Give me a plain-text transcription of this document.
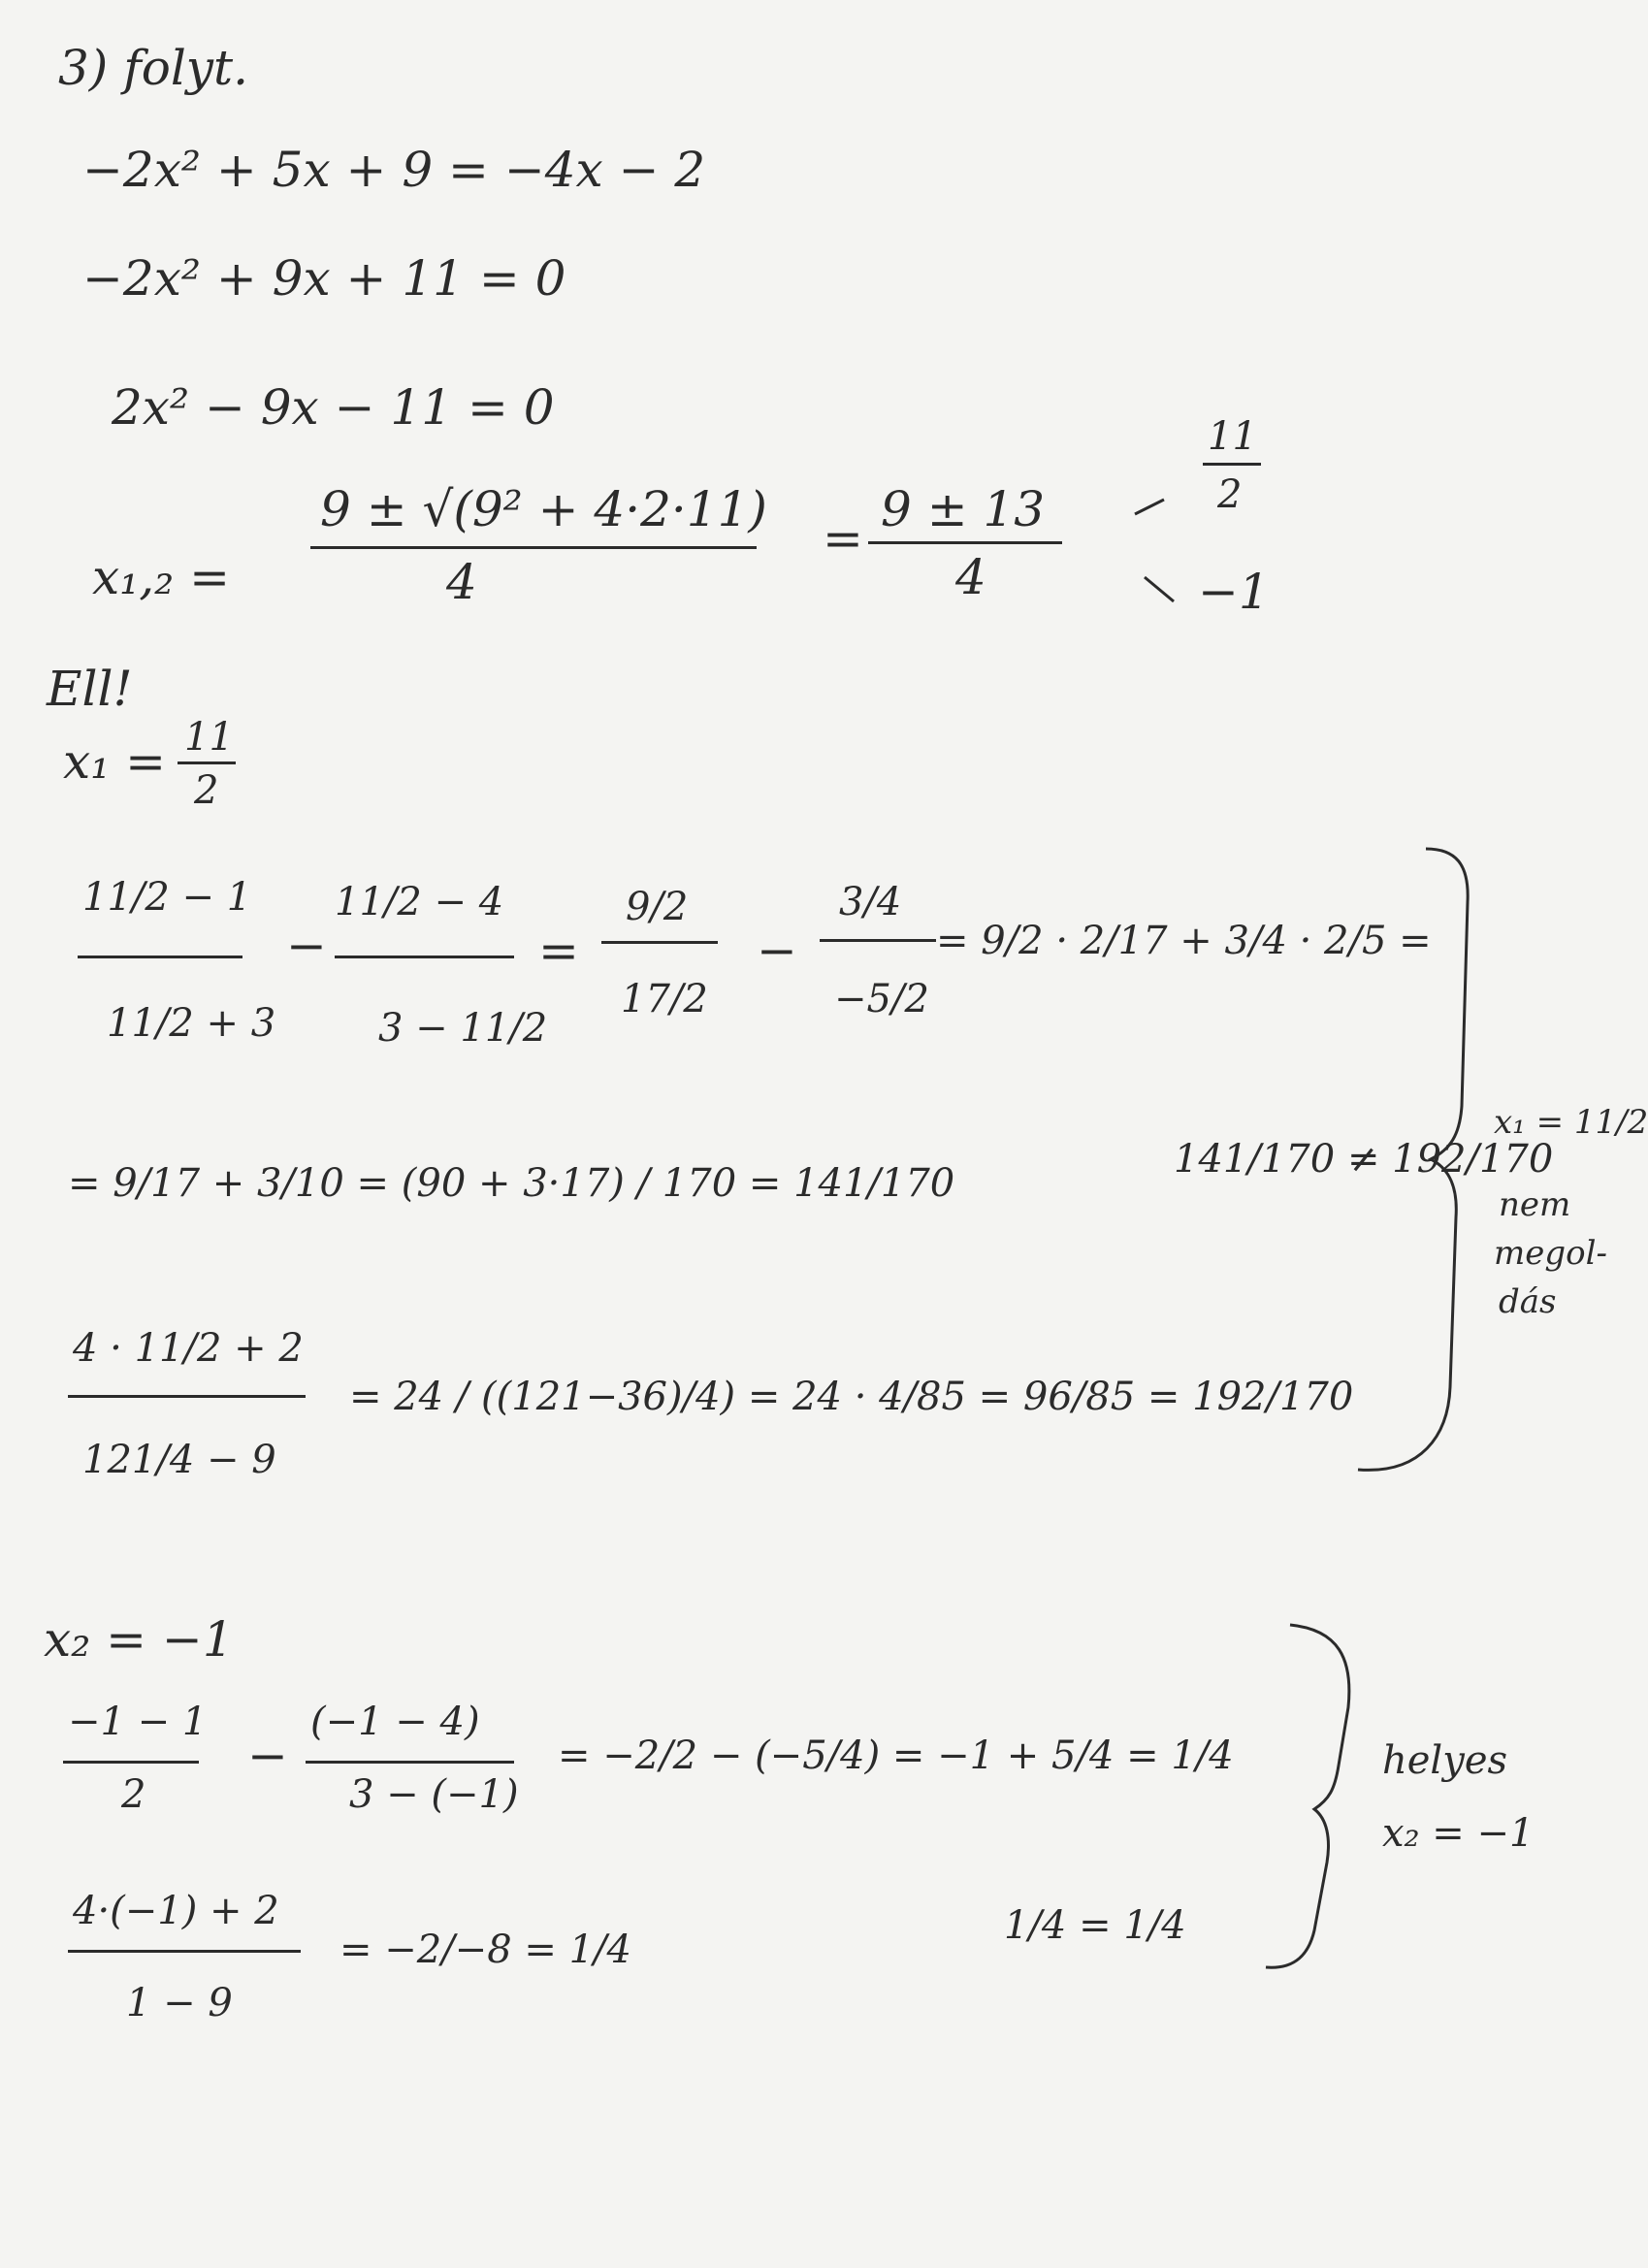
3) folyt.
−2x² + 5x + 9 = −4x − 2
−2x² + 9x + 11 = 0
2x² − 9x − 11 = 0
x₁,₂ =
9 ± √(9² + 4·2·11)
4
=
9 ± 13
4
11
2
−1
Ell!
x₁ = 11
2
11/2 − 1
11/2 + 3
−
11/2 − 4
3 − 11/2
=
9/2
17/2
−
3/4
−5/2
= 9/2 · 2/17 + 3/4 · 2/5 =
= 9/17 + 3/10 = (90 + 3·17) / 170 = 141/170
141/170 ≠ 192/170
4 · 11/2 + 2
121/4 − 9
= 24 / ((121−36)/4) = 24 · 4/85 = 96/85 = 192/170
x₁ = 11/2
nem
megol-
dás
x₂ = −1
−1 − 1
2
−
(−1 − 4)
3 − (−1)
= −2/2 − (−5/4) = −1 + 5/4 = 1/4
4·(−1) + 2
1 − 9
= −2/−8 = 1/4
1/4 = 1/4
helyes
x₂ = −1
